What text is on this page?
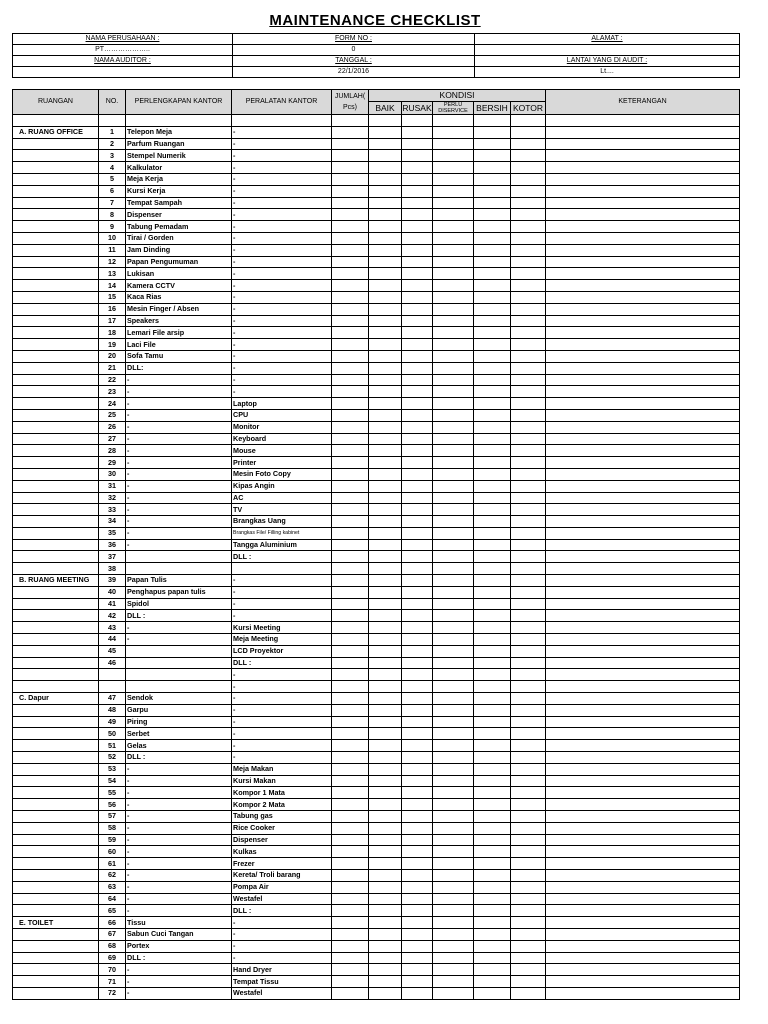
MAINTENANCE CHECKLIST
NAMA PERUSAHAAN :	FORM NO :	ALAMAT :
PT………………..	0	
NAMA AUDITOR :	TANGGAL :	LANTAI YANG DI AUDIT :
	22/1/2016	Lt....
RUANGAN	NO.	PERLENGKAPAN KANTOR	PERALATAN KANTOR	JUMLAH(
Pcs)	KONDISI					KETERANGAN
					BAIK	RUSAK	PERLU
DISERVICE	BERSIH	KOTOR	

A. RUANG OFFICE	1	Telepon Meja	-							
	2	Parfum Ruangan	-							
	3	Stempel Numerik	-							
	4	Kalkulator	-							
	5	Meja Kerja	-							
	6	Kursi Kerja	-							
	7	Tempat Sampah	-							
	8	Dispenser	-							
	9	Tabung Pemadam	-							
	10	Tirai / Gorden	-							
	11	Jam Dinding	-							
	12	Papan Pengumuman	-							
	13	Lukisan	-							
	14	Kamera CCTV	-							
	15	Kaca Rias	-							
	16	Mesin Finger / Absen	-							
	17	Speakers	-							
	18	Lemari File arsip	-							
	19	Laci File	-							
	20	Sofa Tamu	-							
	21	DLL:	-							
	22	-	-							
	23	-	-							
	24	-	Laptop							
	25	-	CPU							
	26	-	Monitor							
	27	-	Keyboard							
	28	-	Mouse							
	29	-	Printer							
	30	-	Mesin Foto Copy							
	31	-	Kipas Angin							
	32	-	AC							
	33	-	TV							
	34	-	Brangkas Uang							
	35	-	Brangkas File/ Filling kabinet							
	36	-	Tangga Aluminium							
	37		DLL :							
	38									
B. RUANG MEETING	39	Papan Tulis	-							
	40	Penghapus papan tulis	-							
	41	Spidol	-							
	42	DLL :	-							
	43	-	Kursi Meeting							
	44	-	Meja Meeting							
	45		LCD Proyektor							
	46		DLL :							
			-							
			-							
C. Dapur	47	Sendok	-							
	48	Garpu	-							
	49	Piring	-							
	50	Serbet	-							
	51	Gelas	-							
	52	DLL :	-							
	53	-	Meja Makan							
	54	-	Kursi Makan							
	55	-	Kompor 1 Mata							
	56	-	Kompor 2 Mata							
	57	-	Tabung gas							
	58	-	Rice Cooker							
	59	-	Dispenser							
	60	-	Kulkas							
	61	-	Frezer							
	62	-	Kereta/ Troli barang							
	63	-	Pompa Air							
	64	-	Westafel							
	65	-	DLL :							
E. TOILET	66	Tissu	-							
	67	Sabun Cuci Tangan	-							
	68	Portex	-							
	69	DLL :	-							
	70	-	Hand Dryer							
	71	-	Tempat Tissu							
	72	-	Westafel							
